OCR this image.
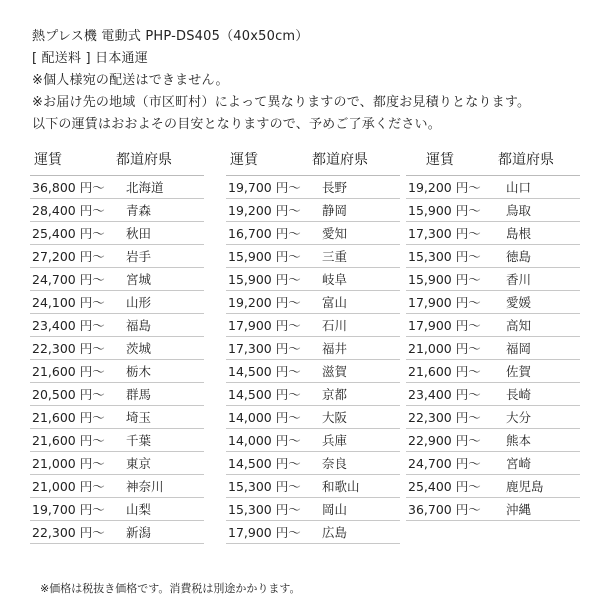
熱プレス機 電動式 PHP-DS405（40x50cm）
[ 配送料 ] 日本通運
※個人様宛の配送はできません。
※お届け先の地域（市区町村）によって異なりますので、都度お見積りとなります。
以下の運賃はおおよその目安となりますので、予めご了承ください。
運賃	都道府県
36,800 円～	北海道
28,400 円～	青森
25,400 円～	秋田
27,200 円～	岩手
24,700 円～	宮城
24,100 円～	山形
23,400 円～	福島
22,300 円～	茨城
21,600 円～	栃木
20,500 円～	群馬
21,600 円～	埼玉
21,600 円～	千葉
21,000 円～	東京
21,000 円～	神奈川
19,700 円～	山梨
22,300 円～	新潟
運賃	都道府県
19,700 円～	長野
19,200 円～	静岡
16,700 円～	愛知
15,900 円～	三重
15,900 円～	岐阜
19,200 円～	富山
17,900 円～	石川
17,300 円～	福井
14,500 円～	滋賀
14,500 円～	京都
14,000 円～	大阪
14,000 円～	兵庫
14,500 円～	奈良
15,300 円～	和歌山
15,300 円～	岡山
17,900 円～	広島
運賃	都道府県
19,200 円～	山口
15,900 円～	鳥取
17,300 円～	島根
15,300 円～	徳島
15,900 円～	香川
17,900 円～	愛媛
17,900 円～	高知
21,000 円～	福岡
21,600 円～	佐賀
23,400 円～	長崎
22,300 円～	大分
22,900 円～	熊本
24,700 円～	宮崎
25,400 円～	鹿児島
36,700 円～	沖縄
※価格は税抜き価格です。消費税は別途かかります。
